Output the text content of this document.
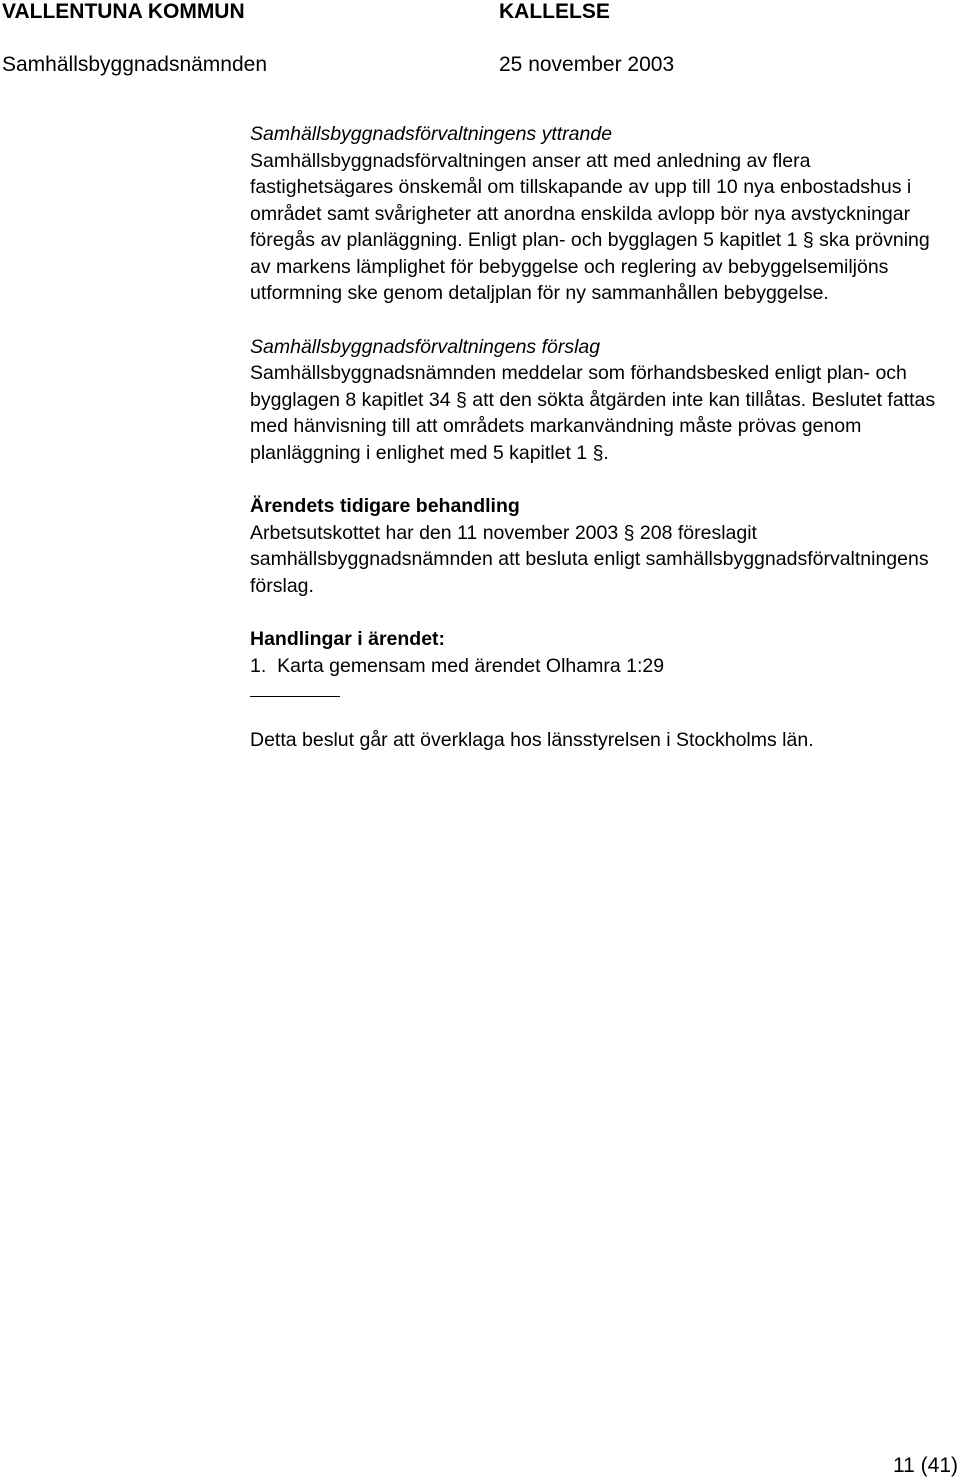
VALLENTUNA KOMMUN

Samhällsbyggnadsnämnden

KALLELSE

25 november 2003

Samhällsbyggnadsförvaltningens yttrande

Samhällsbyggnadsförvaltningen anser att med anledning av flera fastighetsägares önskemål om tillskapande av upp till 10 nya enbostadshus i området samt svårigheter att anordna enskilda avlopp bör nya avstyckningar föregås av planläggning. Enligt plan- och bygglagen 5 kapitlet 1 § ska prövning av markens lämplighet för bebyggelse och reglering av bebyggelsemiljöns utformning ske genom detaljplan för ny sammanhållen bebyggelse.

Samhällsbyggnadsförvaltningens förslag

Samhällsbyggnadsnämnden meddelar som förhandsbesked enligt plan- och bygglagen 8 kapitlet 34 § att den sökta åtgärden inte kan tillåtas. Beslutet fattas med hänvisning till att områdets markanvändning måste prövas genom planläggning i enlighet med 5 kapitlet 1 §.

Ärendets tidigare behandling

Arbetsutskottet har den 11 november 2003 § 208 föreslagit samhällsbyggnadsnämnden att besluta enligt samhällsbyggnadsförvaltningens förslag.

Handlingar i ärendet:

1.  Karta gemensam med ärendet Olhamra 1:29

Detta beslut går att överklaga hos länsstyrelsen i Stockholms län.

11 (41)
